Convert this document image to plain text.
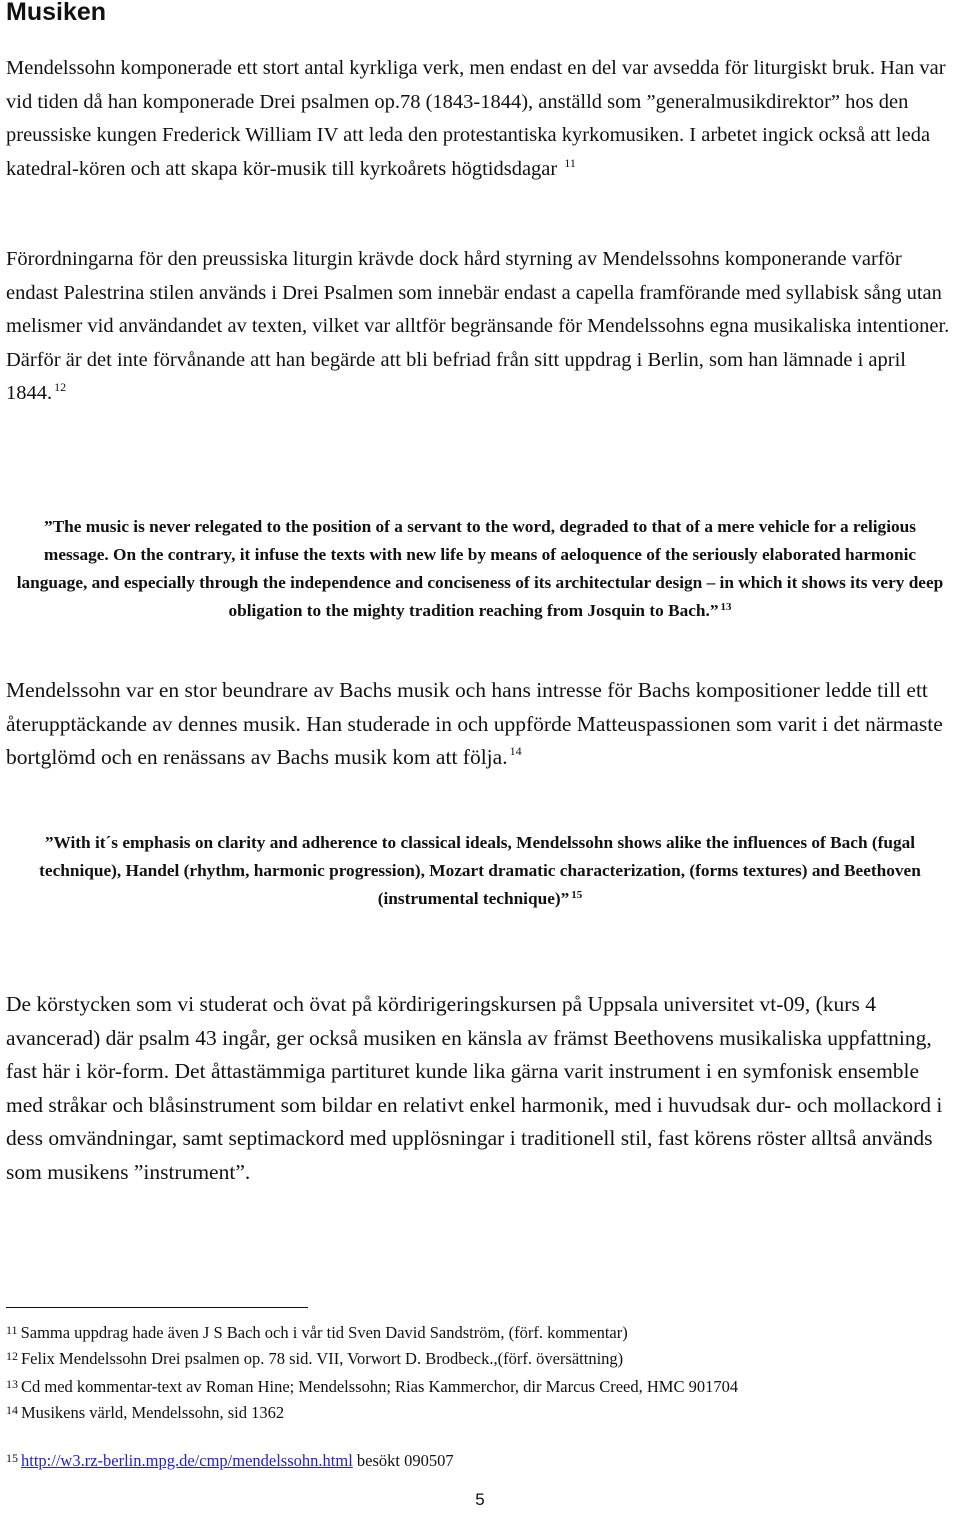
Musiken

Mendelssohn komponerade ett stort antal kyrkliga verk, men endast en del var avsedda för liturgiskt bruk. Han var vid tiden då han komponerade Drei psalmen op.78 (1843-1844), anställd som ”generalmusikdirektor” hos den preussiske kungen Frederick William IV att leda den protestantiska kyrkomusiken. I arbetet ingick också att leda katedral-kören och att skapa kör-musik till kyrkoårets högtidsdagar $^{11}$

Förordningarna för den preussiska liturgin krävde dock hård styrning av Mendelssohns komponerande varför endast Palestrina stilen används i Drei Psalmen som innebär endast a capella framförande med syllabisk sång utan melismer vid användandet av texten, vilket var alltför begränsande för Mendelssohns egna musikaliska intentioner. Därför är det inte förvånande att han begärde att bli befriad från sitt uppdrag i Berlin, som han lämnade i april 1844. $^{12}$

”The music is never relegated to the position of a servant to the word, degraded to that of a mere vehicle for a religious message. On the contrary, it infuse the texts with new life by means of aeloquence of the seriously elaborated harmonic language, and especially through the independence and conciseness of its architectular design – in which it shows its very deep obligation to the mighty tradition reaching from Josquin to Bach.” $^{13}$

Mendelssohn var en stor beundrare av Bachs musik och hans intresse för Bachs kompositioner ledde till ett återupptäckande av dennes musik. Han studerade in och uppförde Matteuspassionen som varit i det närmaste bortglömd och en renässans av Bachs musik kom att följa. $^{14}$

”With it´s emphasis on clarity and adherence to classical ideals, Mendelssohn shows alike the influences of Bach (fugal technique), Handel (rhythm, harmonic progression), Mozart dramatic characterization, (forms textures) and Beethoven (instrumental technique)” $^{15}$

De körstycken som vi studerat och övat på kördirigeringskursen på Uppsala universitet vt-09, (kurs 4 avancerad) där psalm 43 ingår, ger också musiken en känsla av främst Beethovens musikaliska uppfattning, fast här i kör-form. Det åttastämmiga partituret kunde lika gärna varit instrument i en symfonisk ensemble med stråkar och blåsinstrument som bildar en relativt enkel harmonik, med i huvudsak dur- och mollackord i dess omvändningar, samt septimackord med upplösningar i traditionell stil, fast körens röster alltså används som musikens ”instrument”.

$^{11}$ Samma uppdrag hade även J S Bach och i vår tid Sven David Sandström, (förf. kommentar)

$^{12}$ Felix Mendelssohn Drei psalmen op. 78 sid. VII, Vorwort D. Brodbeck.,(förf. översättning)

$^{13}$ Cd med kommentar-text av Roman Hine; Mendelssohn; Rias Kammerchor, dir Marcus Creed, HMC 901704

$^{14}$ Musikens värld, Mendelssohn, sid 1362

$^{15}$ http://w3.rz-berlin.mpg.de/cmp/mendelssohn.html besökt 090507

5
